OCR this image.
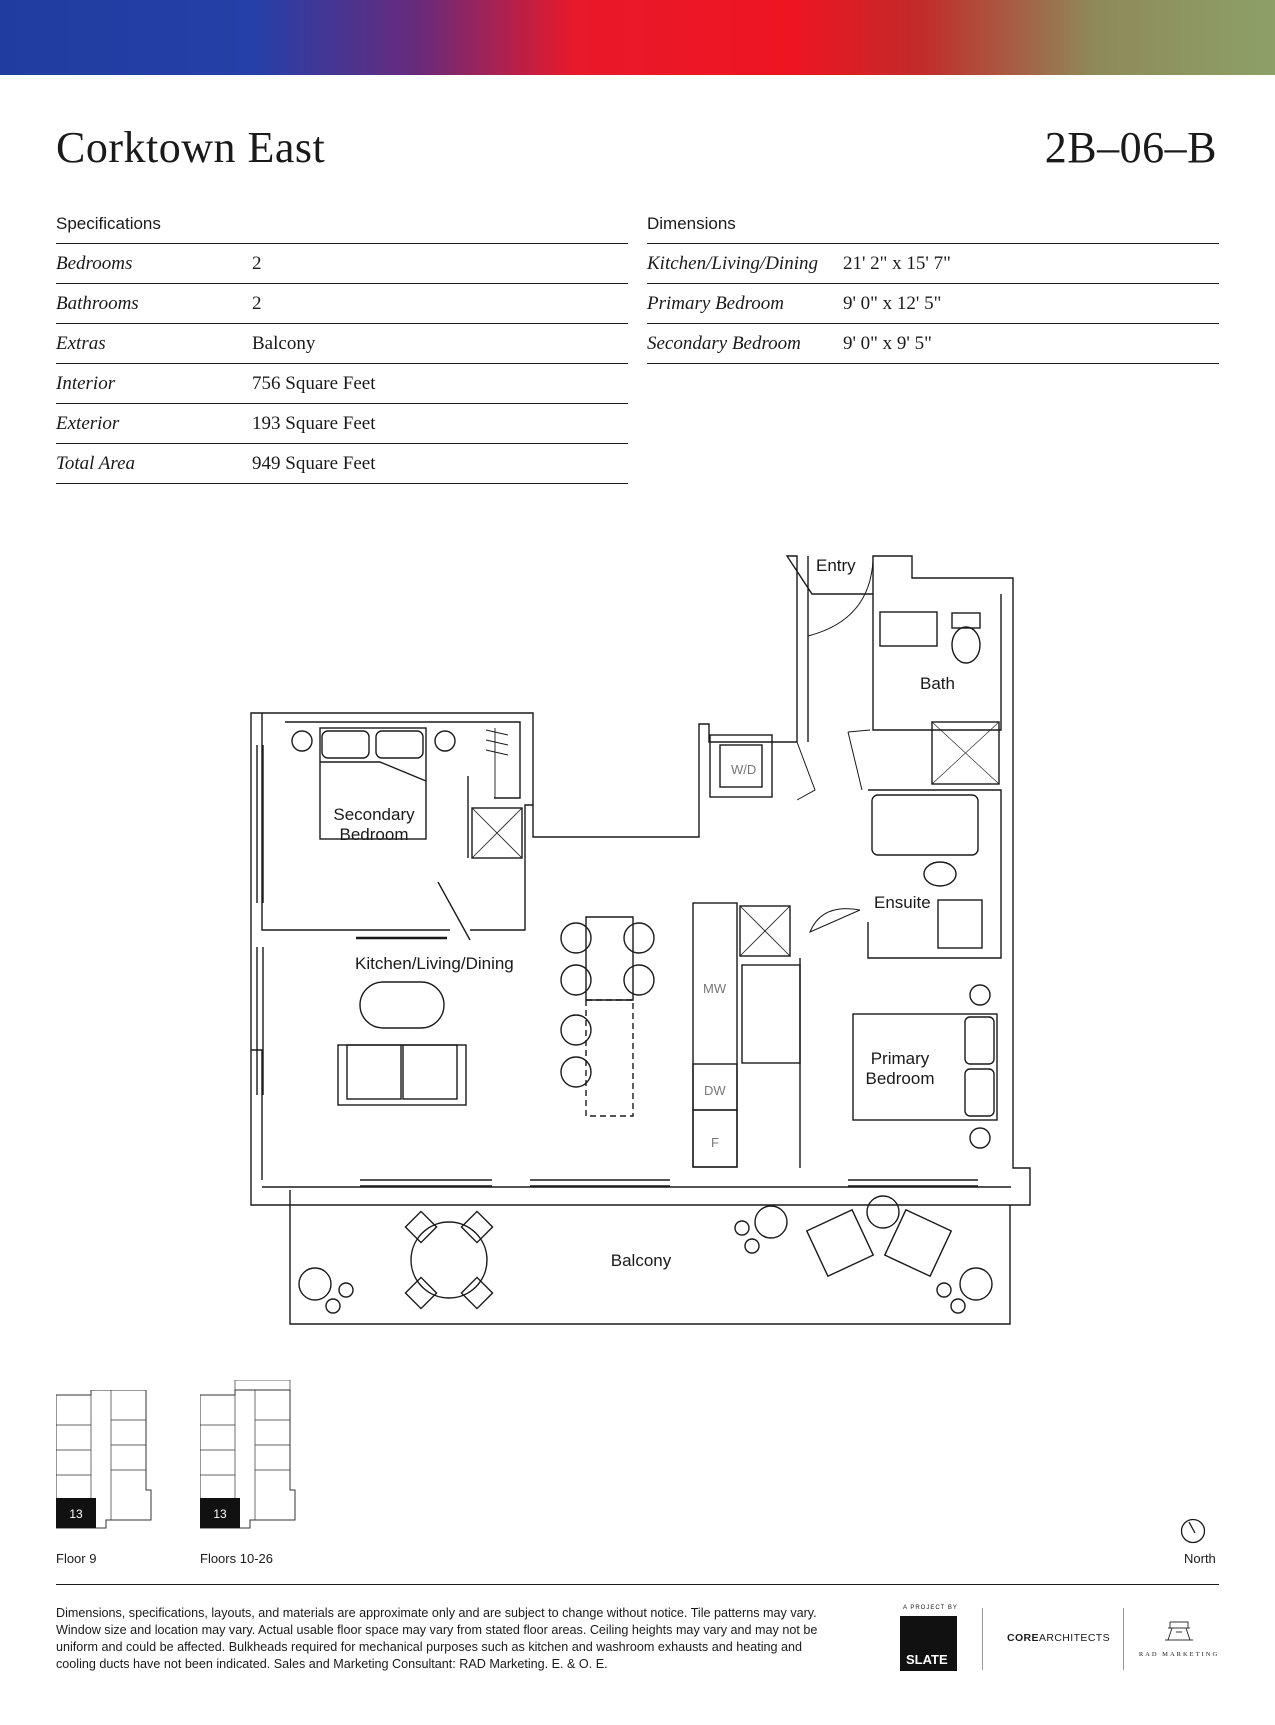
Corktown East	2B–06–B
Specifications
Bedrooms	2
Bathrooms	2
Extras	Balcony
Interior	756 Square Feet
Exterior	193 Square Feet
Total Area	949 Square Feet
Dimensions
Kitchen/Living/Dining	21' 2" x 15' 7"
Primary Bedroom	9' 0" x 12' 5"
Secondary Bedroom	9' 0" x 9' 5"
Entry
Bath
W/D
Secondary
Bedroom
Ensuite
Kitchen/Living/Dining
MW
DW
F
Primary
Bedroom
Balcony
13	13
Floor 9	Floors 10-26	North
Dimensions, specifications, layouts, and materials are approximate only and are subject to change without notice. Tile patterns may vary. Window size and location may vary. Actual usable floor space may vary from stated floor areas. Ceiling heights may vary and may not be uniform and could be affected. Bulkheads required for mechanical purposes such as kitchen and washroom exhausts and heating and cooling ducts have not been indicated. Sales and Marketing Consultant: RAD Marketing. E. & O. E.
A PROJECT BY
SLATE
COREARCHITECTS
RAD MARKETING
